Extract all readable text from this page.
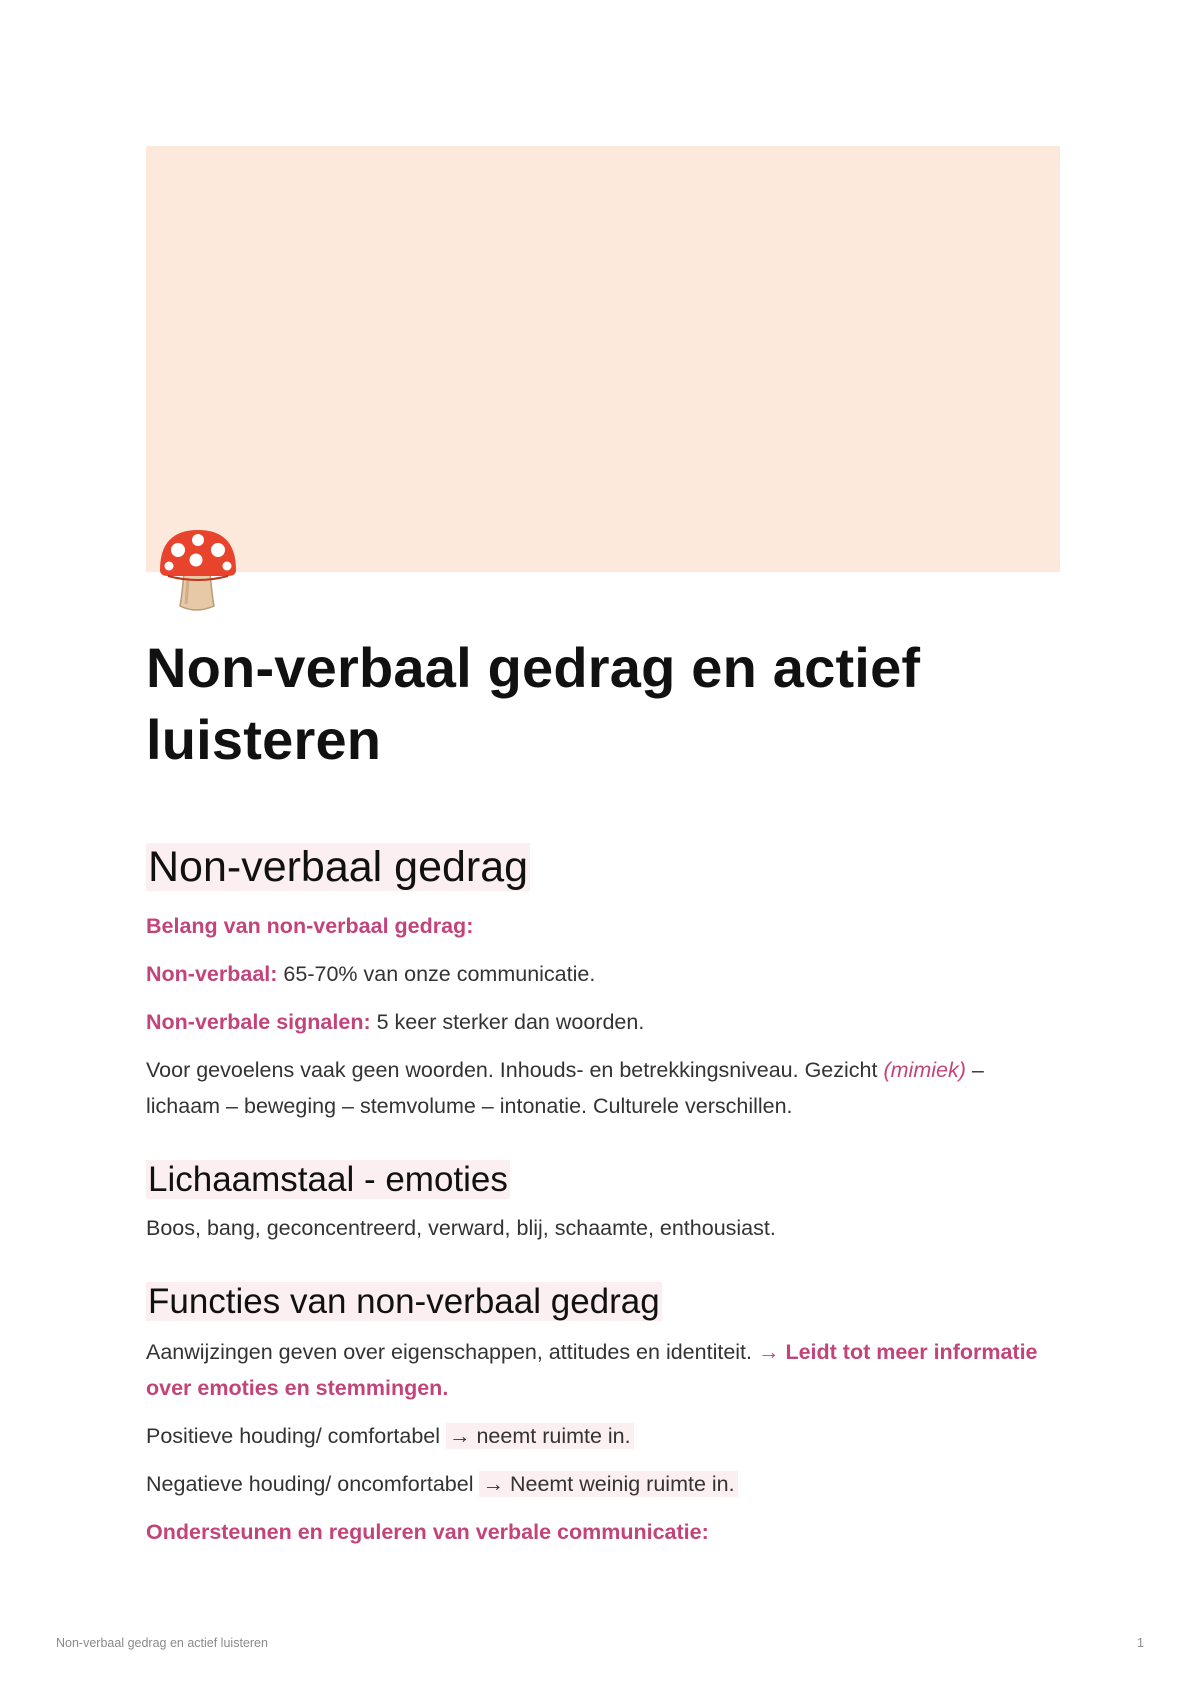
Non-verbaal gedrag en actief luisteren
Non-verbaal gedrag

Belang van non-verbaal gedrag:

Non-verbaal: 65-70% van onze communicatie.

Non-verbale signalen: 5 keer sterker dan woorden.

Voor gevoelens vaak geen woorden. Inhouds- en betrekkingsniveau. Gezicht (mimiek) – lichaam – beweging – stemvolume – intonatie. Culturele verschillen.

Lichaamstaal - emoties

Boos, bang, geconcentreerd, verward, blij, schaamte, enthousiast.

Functies van non-verbaal gedrag

Aanwijzingen geven over eigenschappen, attitudes en identiteit. → Leidt tot meer informatie over emoties en stemmingen.

Positieve houding/ comfortabel → neemt ruimte in.

Negatieve houding/ oncomfortabel → Neemt weinig ruimte in.

Ondersteunen en reguleren van verbale communicatie:

Non-verbaal gedrag en actief luisteren	1
